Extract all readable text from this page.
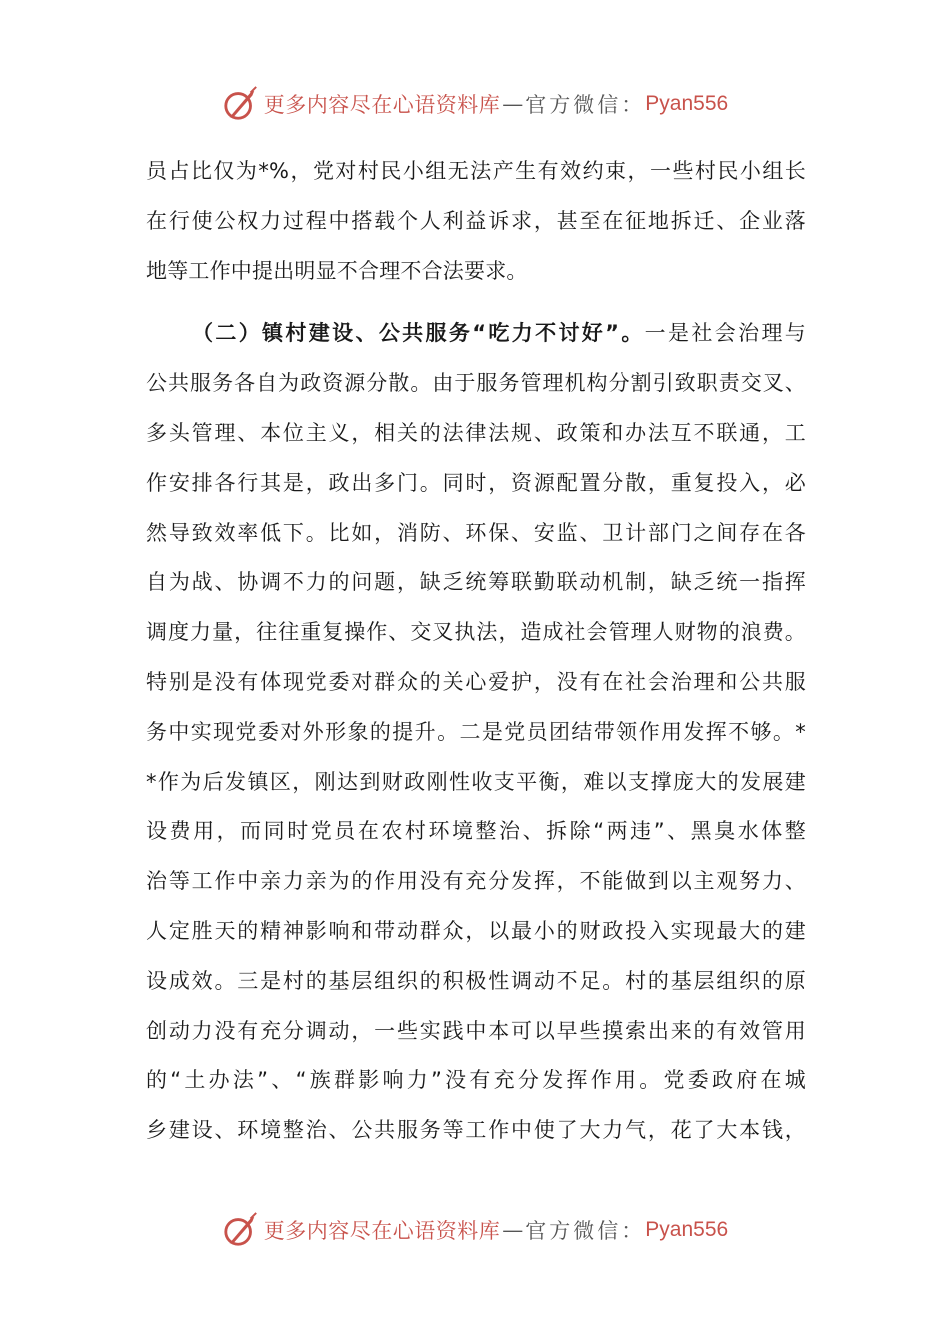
更多内容尽在心语资料库 — 官方微信： Pyan556
员占比仅为*%，党对村民小组无法产生有效约束，一些村民小组长
在行使公权力过程中搭载个人利益诉求，甚至在征地拆迁、企业落
地等工作中提出明显不合理不合法要求。
（二）镇村建设、公共服务“吃力不讨好”。一是社会治理与
公共服务各自为政资源分散。由于服务管理机构分割引致职责交叉、
多头管理、本位主义，相关的法律法规、政策和办法互不联通，工
作安排各行其是，政出多门。同时，资源配置分散，重复投入，必
然导致效率低下。比如，消防、环保、安监、卫计部门之间存在各
自为战、协调不力的问题，缺乏统筹联勤联动机制，缺乏统一指挥
调度力量，往往重复操作、交叉执法，造成社会管理人财物的浪费。
特别是没有体现党委对群众的关心爱护，没有在社会治理和公共服
务中实现党委对外形象的提升。二是党员团结带领作用发挥不够。*
*作为后发镇区，刚达到财政刚性收支平衡，难以支撑庞大的发展建
设费用，而同时党员在农村环境整治、拆除“两违”、黑臭水体整
治等工作中亲力亲为的作用没有充分发挥，不能做到以主观努力、
人定胜天的精神影响和带动群众，以最小的财政投入实现最大的建
设成效。三是村的基层组织的积极性调动不足。村的基层组织的原
创动力没有充分调动，一些实践中本可以早些摸索出来的有效管用
的“土办法”、“族群影响力”没有充分发挥作用。党委政府在城
乡建设、环境整治、公共服务等工作中使了大力气，花了大本钱，
更多内容尽在心语资料库 — 官方微信： Pyan556
